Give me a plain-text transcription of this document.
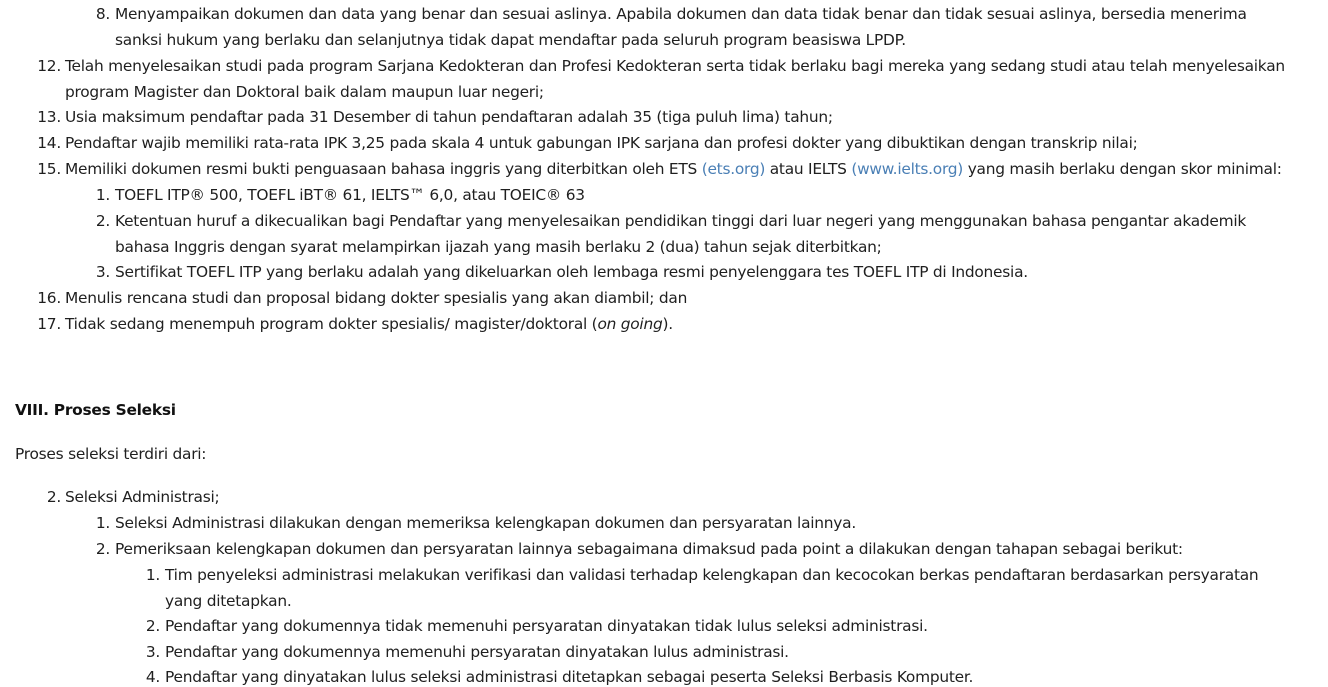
8. Menyampaikan dokumen dan data yang benar dan sesuai aslinya. Apabila dokumen dan data tidak benar dan tidak sesuai aslinya, bersedia menerima
sanksi hukum yang berlaku dan selanjutnya tidak dapat mendaftar pada seluruh program beasiswa LPDP.
12. Telah menyelesaikan studi pada program Sarjana Kedokteran dan Profesi Kedokteran serta tidak berlaku bagi mereka yang sedang studi atau telah menyelesaikan
program Magister dan Doktoral baik dalam maupun luar negeri;
13. Usia maksimum pendaftar pada 31 Desember di tahun pendaftaran adalah 35 (tiga puluh lima) tahun;
14. Pendaftar wajib memiliki rata-rata IPK 3,25 pada skala 4 untuk gabungan IPK sarjana dan profesi dokter yang dibuktikan dengan transkrip nilai;
15. Memiliki dokumen resmi bukti penguasaan bahasa inggris yang diterbitkan oleh ETS (ets.org) atau IELTS (www.ielts.org) yang masih berlaku dengan skor minimal:
1. TOEFL ITP® 500, TOEFL iBT® 61, IELTS™ 6,0, atau TOEIC® 63
2. Ketentuan huruf a dikecualikan bagi Pendaftar yang menyelesaikan pendidikan tinggi dari luar negeri yang menggunakan bahasa pengantar akademik
bahasa Inggris dengan syarat melampirkan ijazah yang masih berlaku 2 (dua) tahun sejak diterbitkan;
3. Sertifikat TOEFL ITP yang berlaku adalah yang dikeluarkan oleh lembaga resmi penyelenggara tes TOEFL ITP di Indonesia.
16. Menulis rencana studi dan proposal bidang dokter spesialis yang akan diambil; dan
17. Tidak sedang menempuh program dokter spesialis/ magister/doktoral (on going).
VIII. Proses Seleksi
Proses seleksi terdiri dari:
2. Seleksi Administrasi;
1. Seleksi Administrasi dilakukan dengan memeriksa kelengkapan dokumen dan persyaratan lainnya.
2. Pemeriksaan kelengkapan dokumen dan persyaratan lainnya sebagaimana dimaksud pada point a dilakukan dengan tahapan sebagai berikut:
1. Tim penyeleksi administrasi melakukan verifikasi dan validasi terhadap kelengkapan dan kecocokan berkas pendaftaran berdasarkan persyaratan
yang ditetapkan.
2. Pendaftar yang dokumennya tidak memenuhi persyaratan dinyatakan tidak lulus seleksi administrasi.
3. Pendaftar yang dokumennya memenuhi persyaratan dinyatakan lulus administrasi.
4. Pendaftar yang dinyatakan lulus seleksi administrasi ditetapkan sebagai peserta Seleksi Berbasis Komputer.
